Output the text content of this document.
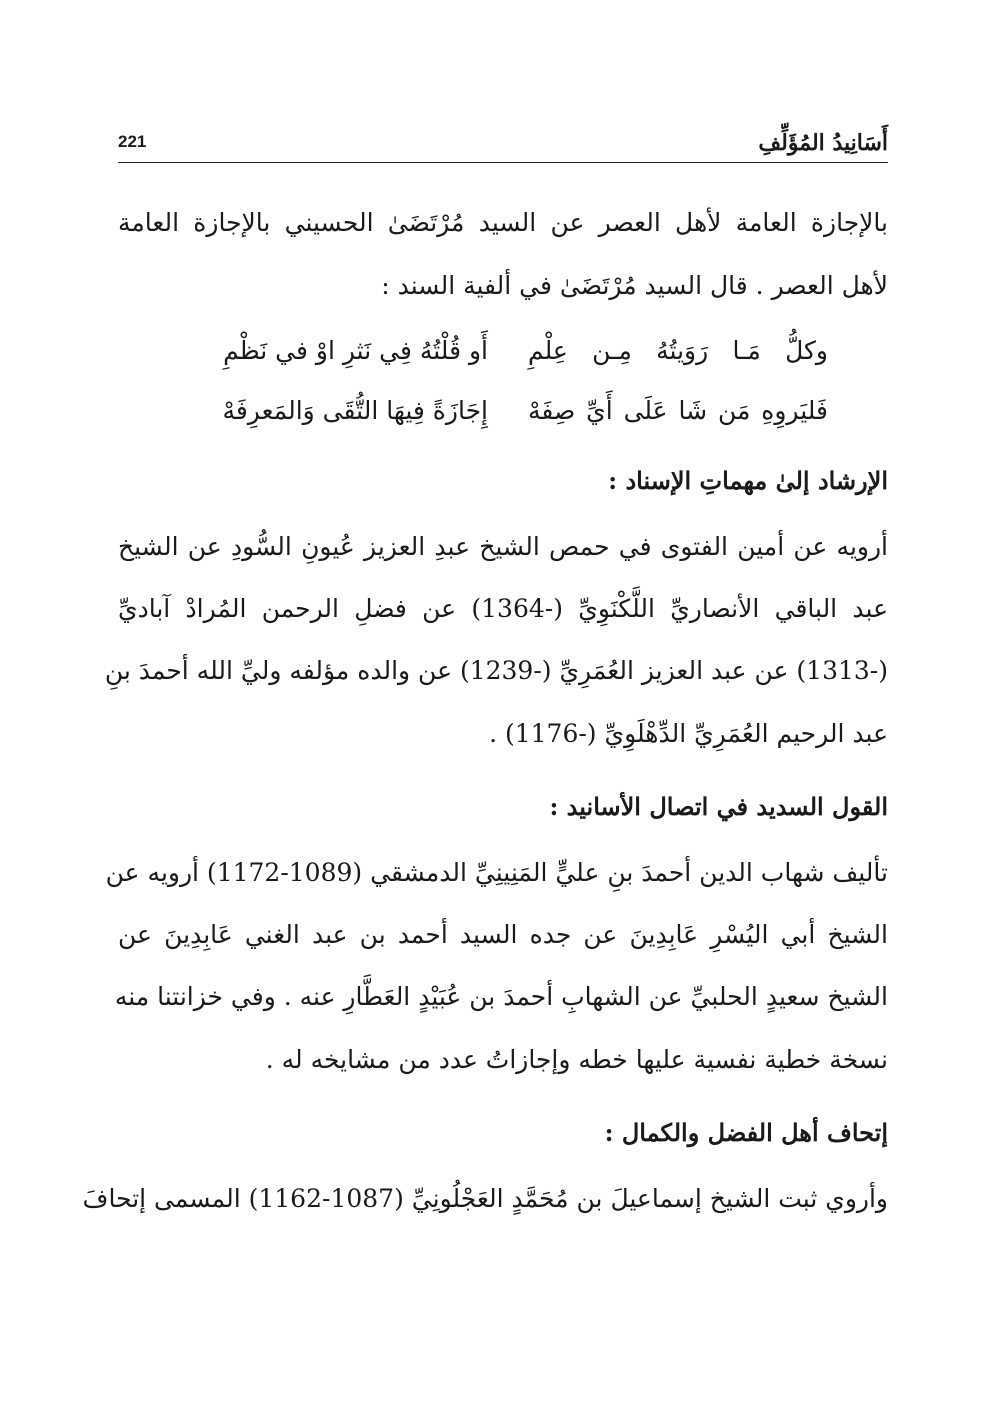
أَسَانِيدُ المُؤَلِّفِ
221
بالإجازة العامة لأهل العصر عن السيد مُرْتَضَىٰ الحسيني بالإجازة العامة
لأهل العصر . قال السيد مُرْتَضَىٰ في ألفية السند :
وكلُّ مَـا رَوَيتُهُ مِـن عِلْمِ
أَو قُلْتُهُ فِي نَثرِ اوْ في نَظْمِ
فَليَروِهِ مَن شَا عَلَى أَيِّ صِفَهْ
إِجَازَةً فِيهَا التُّقَى وَالمَعرِفَهْ
الإرشاد إلىٰ مهماتِ الإسناد :
أرويه عن أمين الفتوى في حمص الشيخ عبدِ العزيز عُيونِ السُّودِ عن الشيخ
عبد الباقي الأنصاريِّ اللَّكْنَوِيِّ (-1364) عن فضلِ الرحمن المُرادْ آباديِّ
(-1313) عن عبد العزيز العُمَرِيِّ (-1239) عن والده مؤلفه وليِّ الله أحمدَ بنِ
عبد الرحيم العُمَرِيِّ الدِّهْلَوِيِّ (-1176) .
القول السديد في اتصال الأسانيد :
تأليف شهاب الدين أحمدَ بنِ عليٍّ المَنِينِيِّ الدمشقي (1089-1172) أرويه عن
الشيخ أبي اليُسْرِ عَابِدِينَ عن جده السيد أحمد بن عبد الغني عَابِدِينَ عن
الشيخ سعيدٍ الحلبيِّ عن الشهابِ أحمدَ بن عُبَيْدٍ العَطَّارِ عنه . وفي خزانتنا منه
نسخة خطية نفسية عليها خطه وإجازاتُ عدد من مشايخه له .
إتحاف أهل الفضل والكمال :
وأروي ثبت الشيخ إسماعيلَ بن مُحَمَّدٍ العَجْلُونِيِّ (1087-1162) المسمى إتحافَ
